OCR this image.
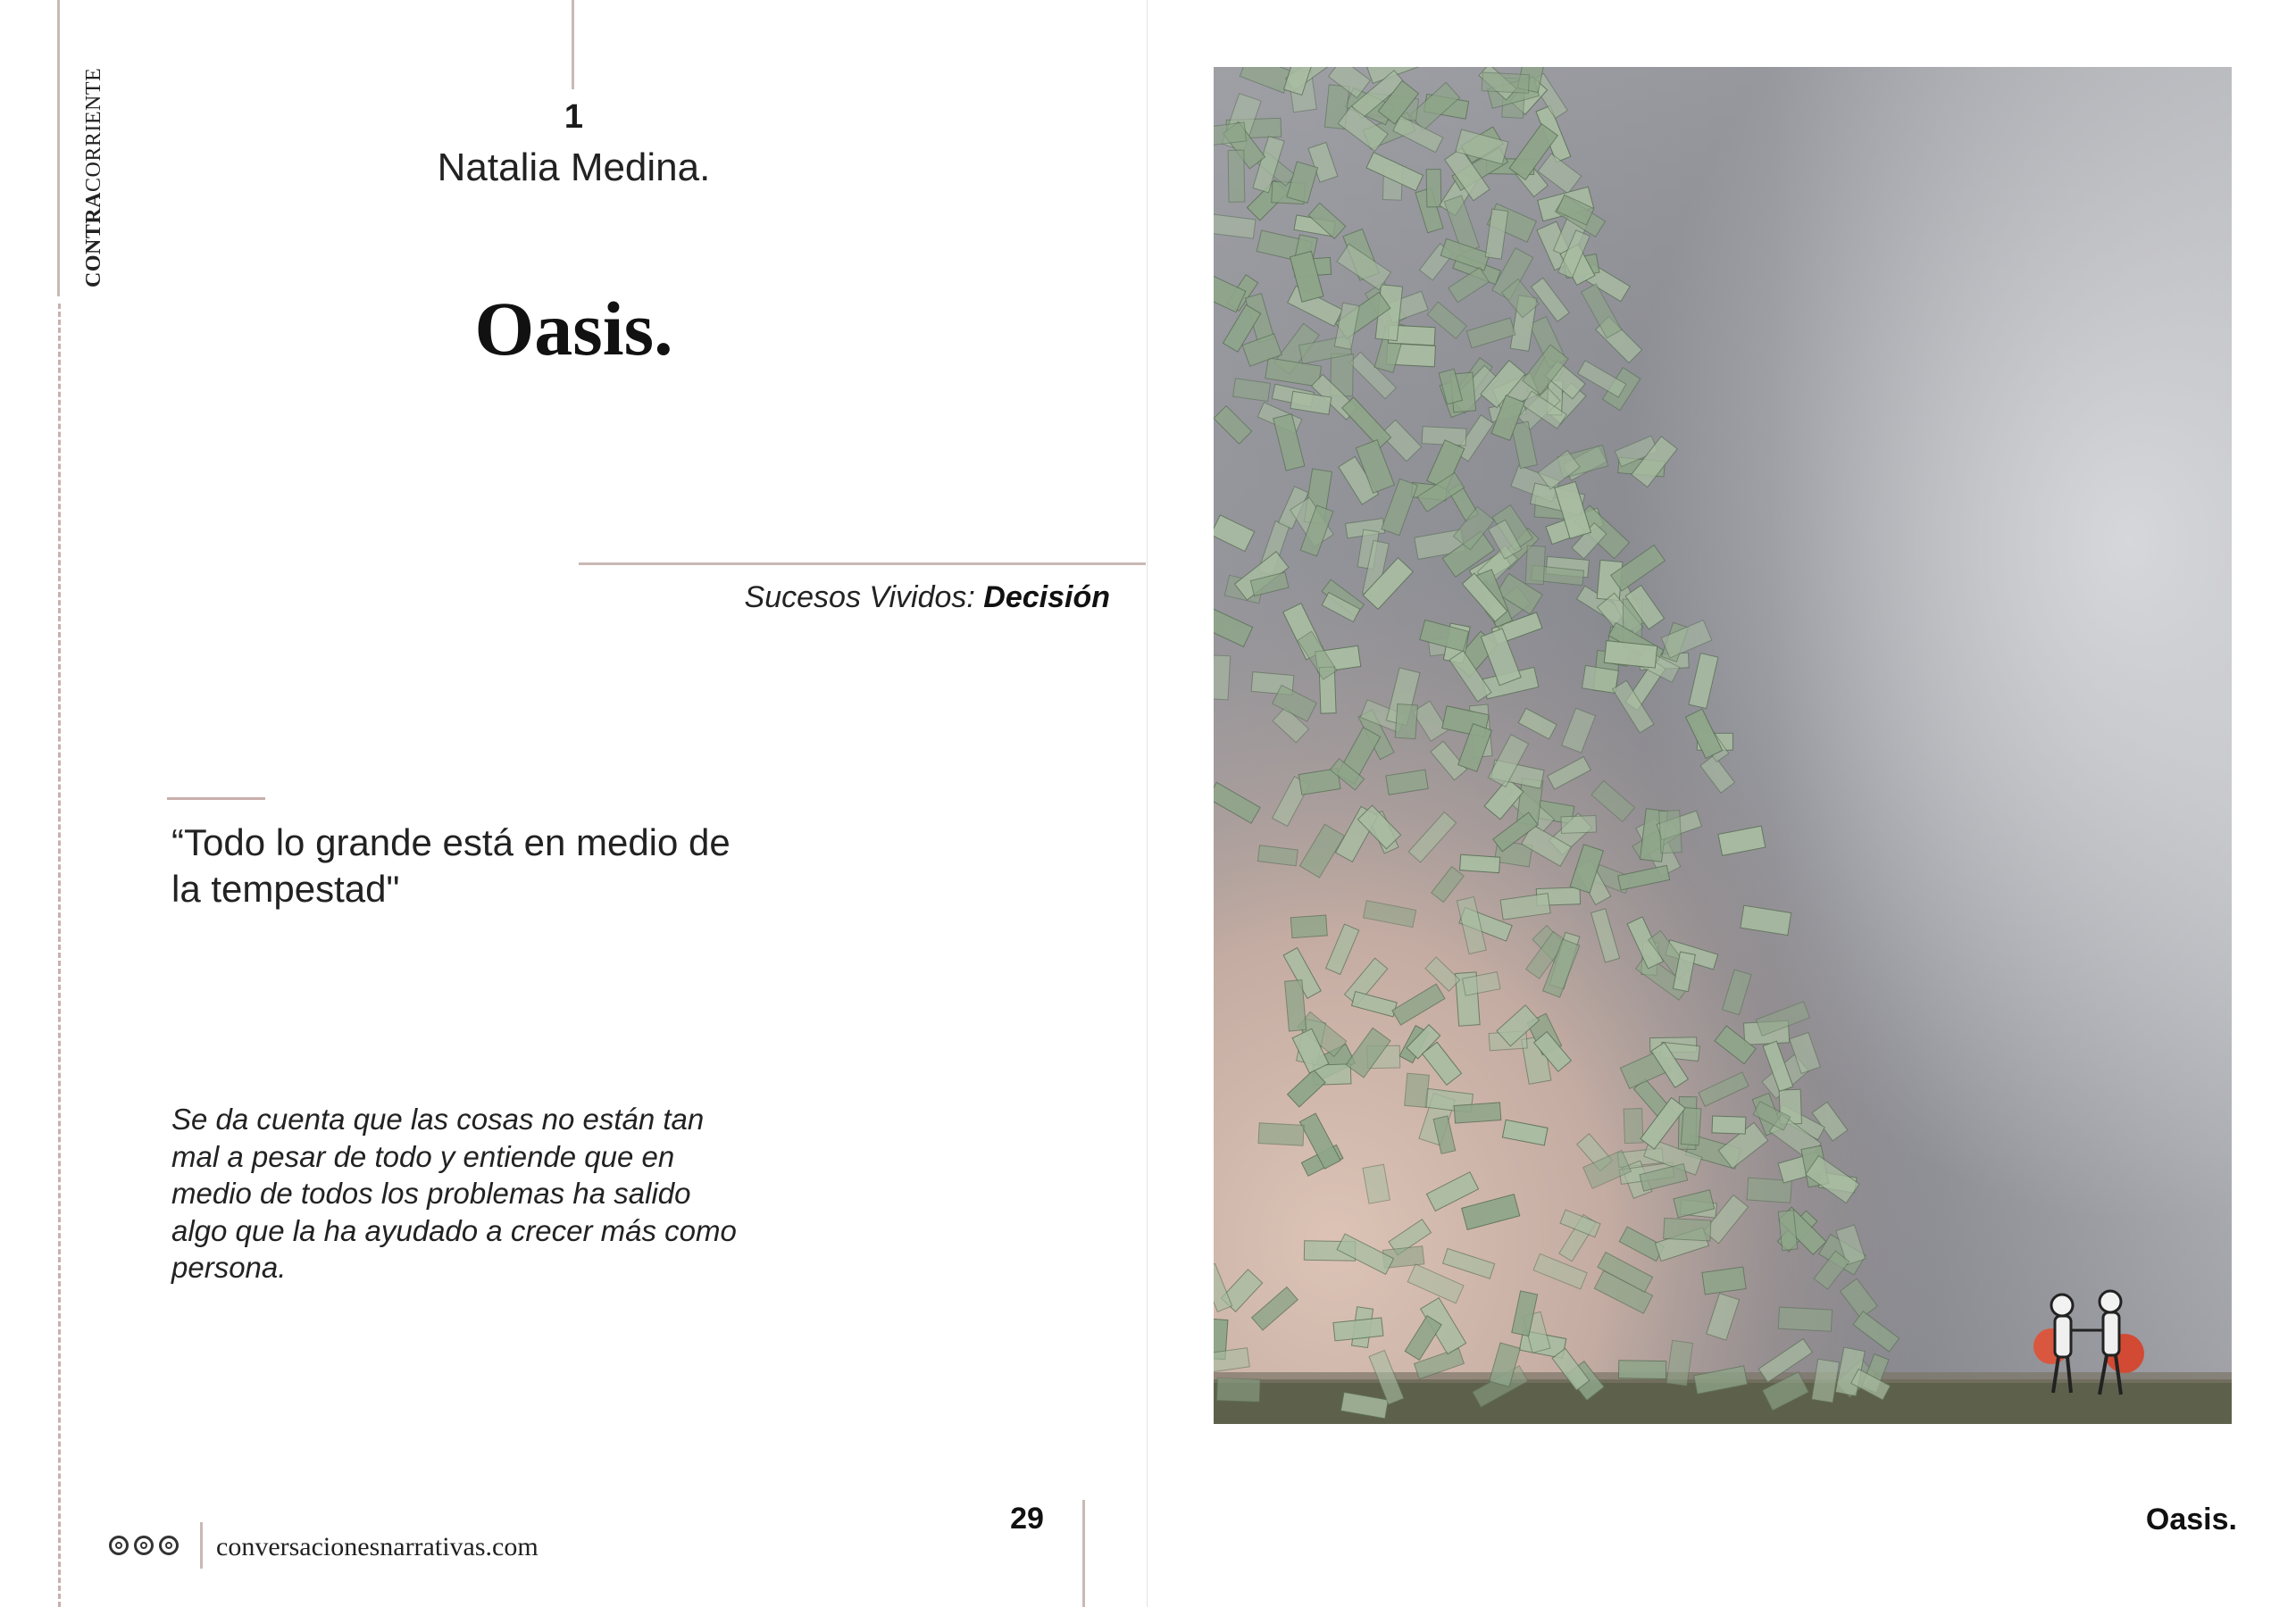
CONTRACORRIENTE	1
Natalia Medina.
Oasis.
Sucesos Vividos: Decisión
“Todo lo grande está en medio de la tempestad"
Se da cuenta que las cosas no están tan mal a pesar de todo y entiende que en medio de todos los problemas ha salido algo que la ha ayudado a crecer más como persona.
29
conversacionesnarrativas.com
Oasis.
